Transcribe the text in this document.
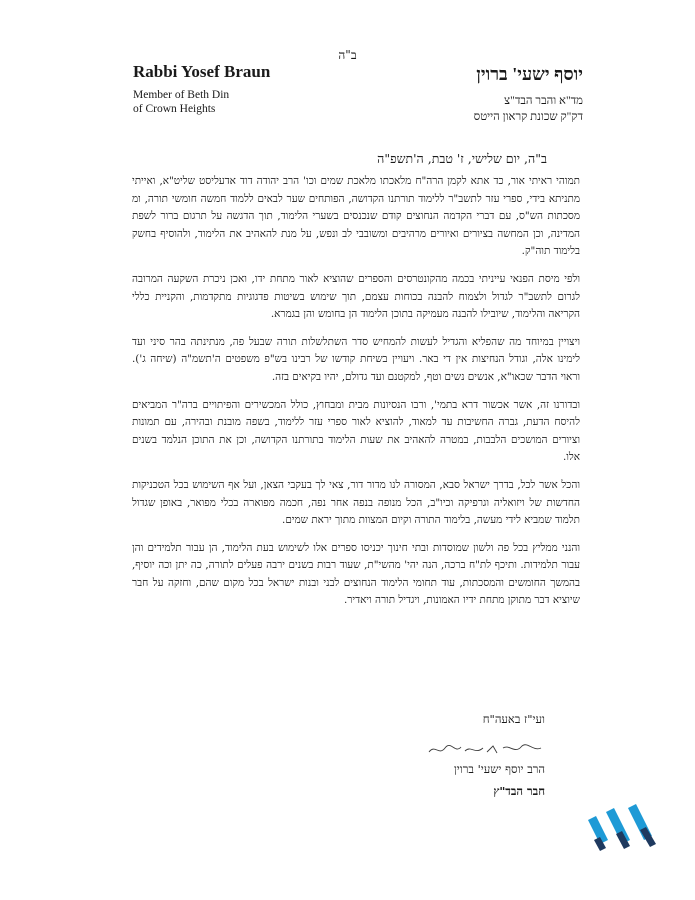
ב"ה
Rabbi Yosef Braun
Member of Beth Din
of Crown Heights
יוסף ישעי' ברוין
מד"א והבר הבד"צ
דק"ק שכונת קראון הייטס
ב"ה, יום שלישי, ז' טבת, ה'תשפ"ה

תמוהי ראיתי אור, כד אתא לקמן הרה"ח מלאכתו מלאכת שמים וכו' הרב יהודה דוד אדעליסט שליט"א, ואייתי מתניתא בידי, ספרי עזר לתשב"ר ללימוד תורתנו הקדושה, הפותחים שער לבאים ללמוד חמשה חומשי תורה, ומ מסכתות הש"ס, עם דברי הקדמה הנחוצים קודם שנכנסים בשערי הלימוד, תוך הדגשה על תרגום ברור לשפת המדינה, וכן המחשה בציורים ואיורים מרהיבים ומשובבי לב ונפש, על מנת להאהיב את הלימוד, ולהוסיף בחשק בלימוד תוה"ק.

ולפי מיסת הפנאי עייניתי בכמה מהקונטרסים והספרים שהוציא לאור מתחת ידו, ואכן ניכרת השקעה המרובה לגרום לתשב"ר לגדול ולצמוח להבנה בכוחות עצמם, תוך שימוש בשיטות פדגוגיות מתקדמות, והקניית כללי הקריאה והלימוד, שיובילו להבנה מעמיקה בתוכן הלימוד הן בחומש והן בגמרא.

ויצויין במיוחד מה שהפליא והגדיל לעשות להמחיש סדר השתלשלות תורה שבעל פה, מנתינתה בהר סיני ועד לימינו אלה, וגודל הנחיצות אין די באר. ויעויין בשיחת קודשו של רבינו בש"פ משפטים ה'תשמ"ה (שיחה ג'). וראוי הדבר שכאו"א, אנשים נשים וטף, למקטנם ועד גדולם, יהיו בקיאים בזה.

ובדורנו זה, אשר אכשור דרא בתמי', ורבו הנסיונות מבית ומבחוץ, כולל המכשירים והפיתויים ברה"ר המביאים להיסח הדעת, גברה החשיבות עד למאוד, להוציא לאור ספרי עזר ללימוד, בשפה מובנת ובהירה, עם תמונות וציורים המושכים הלבבות, במטרה להאהיב את שעות הלימוד בתורתנו הקדושה, וכן את התוכן הנלמד בשנים אלו.

והכל אשר לכל, בדרך ישראל סבא, המסורה לנו מדור דור, צאי לך בעקבי הצאן, ועל אף השימוש בכל הטכניקות החדשות של ויזואליה וגרפיקה וכיו"ב, הכל מנופה בנפה אחר נפה, חכמה מפוארה בכלי מפואר, באופן שגדול תלמוד שמביא לידי מעשה, בלימוד התורה וקיום המצוות מתוך יראת שמים.

והנני ממליץ בכל פה ולשון שמוסדות ובתי חינוך יכניסו ספרים אלו לשימוש בעת הלימוד, הן עבור תלמידים והן עבור תלמידות. ותיכף לת"ח ברכה, הנה יהי' מהשי"ת, שעוד רבות בשנים ירבה פעלים לתורה, כה יתן וכה יוסיף, בהמשך החומשים והמסכתות, עוד תחומי הלימוד הנחוצים לבני ובנות ישראל בכל מקום שהם, וחזקה על חבר שיוציא דבר מתוקן מתחת ידיו האמונות, ויגדיל תורה ויאדיר.

ועי"ז באעה"ח
הרב יוסף ישעי' ברוין
חבר הבד"ץ
